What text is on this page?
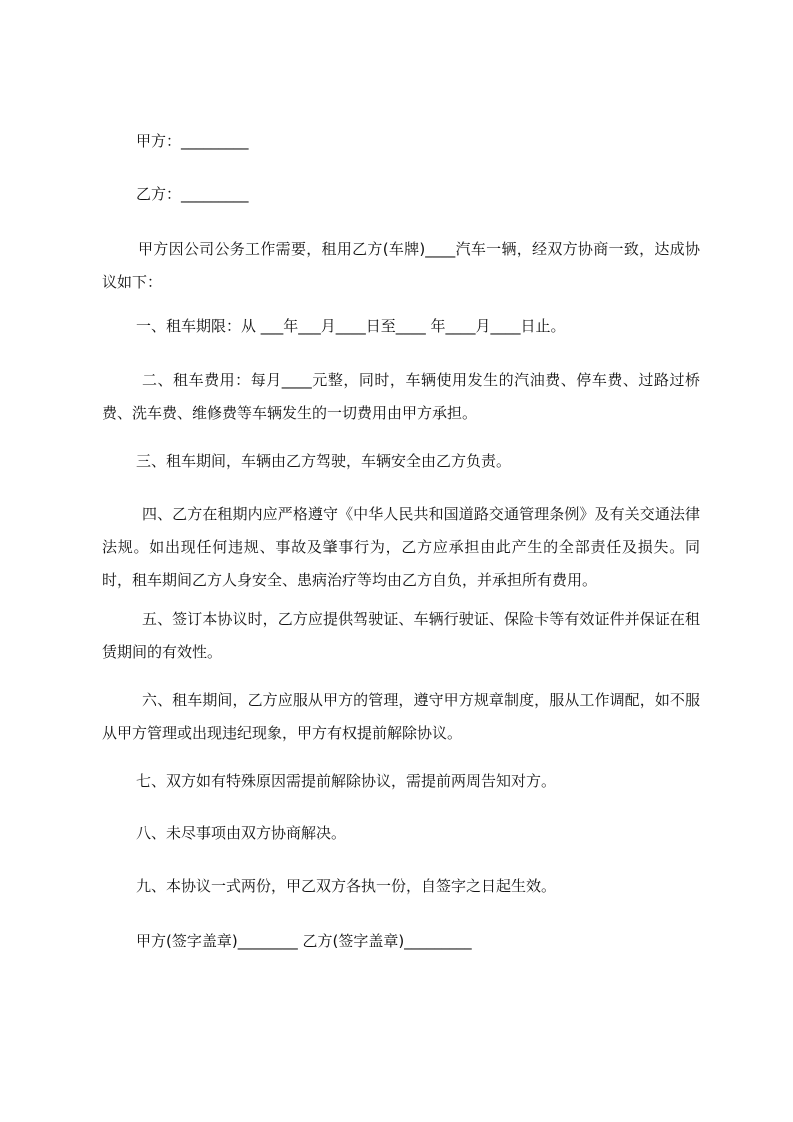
甲方：_________
乙方：_________
甲方因公司公务工作需要，租用乙方(车牌)____汽车一辆，经双方协商一致，达成协议如下：
一、租车期限：从 ___年___月____日至____ 年____月____日止。
二、租车费用：每月____元整，同时，车辆使用发生的汽油费、停车费、过路过桥费、洗车费、维修费等车辆发生的一切费用由甲方承担。
三、租车期间，车辆由乙方驾驶，车辆安全由乙方负责。
四、乙方在租期内应严格遵守《中华人民共和国道路交通管理条例》及有关交通法律法规。如出现任何违规、事故及肇事行为，乙方应承担由此产生的全部责任及损失。同时，租车期间乙方人身安全、患病治疗等均由乙方自负，并承担所有费用。
五、签订本协议时，乙方应提供驾驶证、车辆行驶证、保险卡等有效证件并保证在租赁期间的有效性。
六、租车期间，乙方应服从甲方的管理，遵守甲方规章制度，服从工作调配，如不服从甲方管理或出现违纪现象，甲方有权提前解除协议。
七、双方如有特殊原因需提前解除协议，需提前两周告知对方。
八、未尽事项由双方协商解决。
九、本协议一式两份，甲乙双方各执一份，自签字之日起生效。
甲方(签字盖章)________ 乙方(签字盖章)_________
